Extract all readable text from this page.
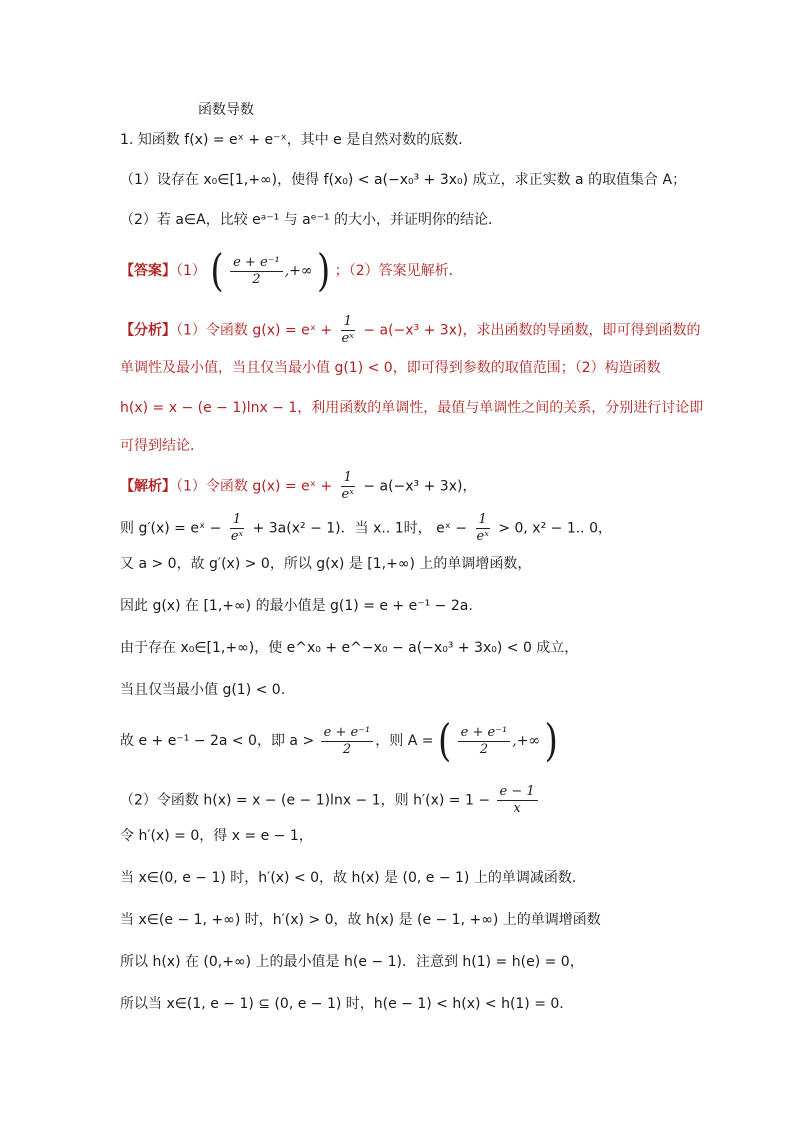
函数导数
1. 知函数 f(x) = eˣ + e⁻ˣ，其中 e 是自然对数的底数．
（1）设存在 x₀∈[1,+∞)，使得 f(x₀) < a(−x₀³ + 3x₀) 成立，求正实数 a 的取值集合 A；
（2）若 a∈A，比较 eᵃ⁻¹ 与 aᵉ⁻¹ 的大小，并证明你的结论．
【答案】（1） ( $\frac{\text{e + e⁻¹}}{2}$ ,+∞ ) ；（2）答案见解析．
【分析】（1）令函数 g(x) = eˣ + $\frac{1}{\text{eˣ}} - a(-x^3 + 3x)$，求出函数的导函数，即可得到函数的
单调性及最小值，当且仅当最小值 g(1) < 0，即可得到参数的取值范围；（2）构造函数
h(x) = x − (e − 1)lnx − 1，利用函数的单调性，最值与单调性之间的关系，分别进行讨论即
可得到结论．
【解析】（1）令函数 g(x) = eˣ + $\frac{1}{\text{eˣ}} - a(-x^3 + 3x)$，
则 g′(x) = eˣ − $\frac{1}{\text{eˣ}} + 3a(x^2 - 1)$．当 x.. 1时， eˣ − $\frac{1}{\text{eˣ}} > 0$, x² − 1.. 0，
又 a > 0，故 g′(x) > 0，所以 g(x) 是 [1,+∞) 上的单调增函数，
因此 g(x) 在 [1,+∞) 的最小值是 g(1) = e + e⁻¹ − 2a.
由于存在 x₀∈[1,+∞)，使 e^x₀ + e^−x₀ − a(−x₀³ + 3x₀) < 0 成立，
当且仅当最小值 g(1) < 0.
故 e + e⁻¹ − 2a < 0，即 $a > \frac{\text{e + e⁻¹}}{2}$ ，则 A = ( $\frac{\text{e + e⁻¹}}{2}$ ,+∞ )
（2）令函数 h(x) = x − (e − 1)lnx − 1，则 $h'(x) = 1 - \frac{e - 1}{x}$
令 h′(x) = 0，得 x = e − 1，
当 x∈(0, e − 1) 时，h′(x) < 0，故 h(x) 是 (0, e − 1) 上的单调减函数．
当 x∈(e − 1, +∞) 时，h′(x) > 0，故 h(x) 是 (e − 1, +∞) 上的单调增函数
所以 h(x) 在 (0,+∞) 上的最小值是 h(e − 1)．注意到 h(1) = h(e) = 0，
所以当 x∈(1, e − 1) ⊆ (0, e − 1) 时，h(e − 1) < h(x) < h(1) = 0.
